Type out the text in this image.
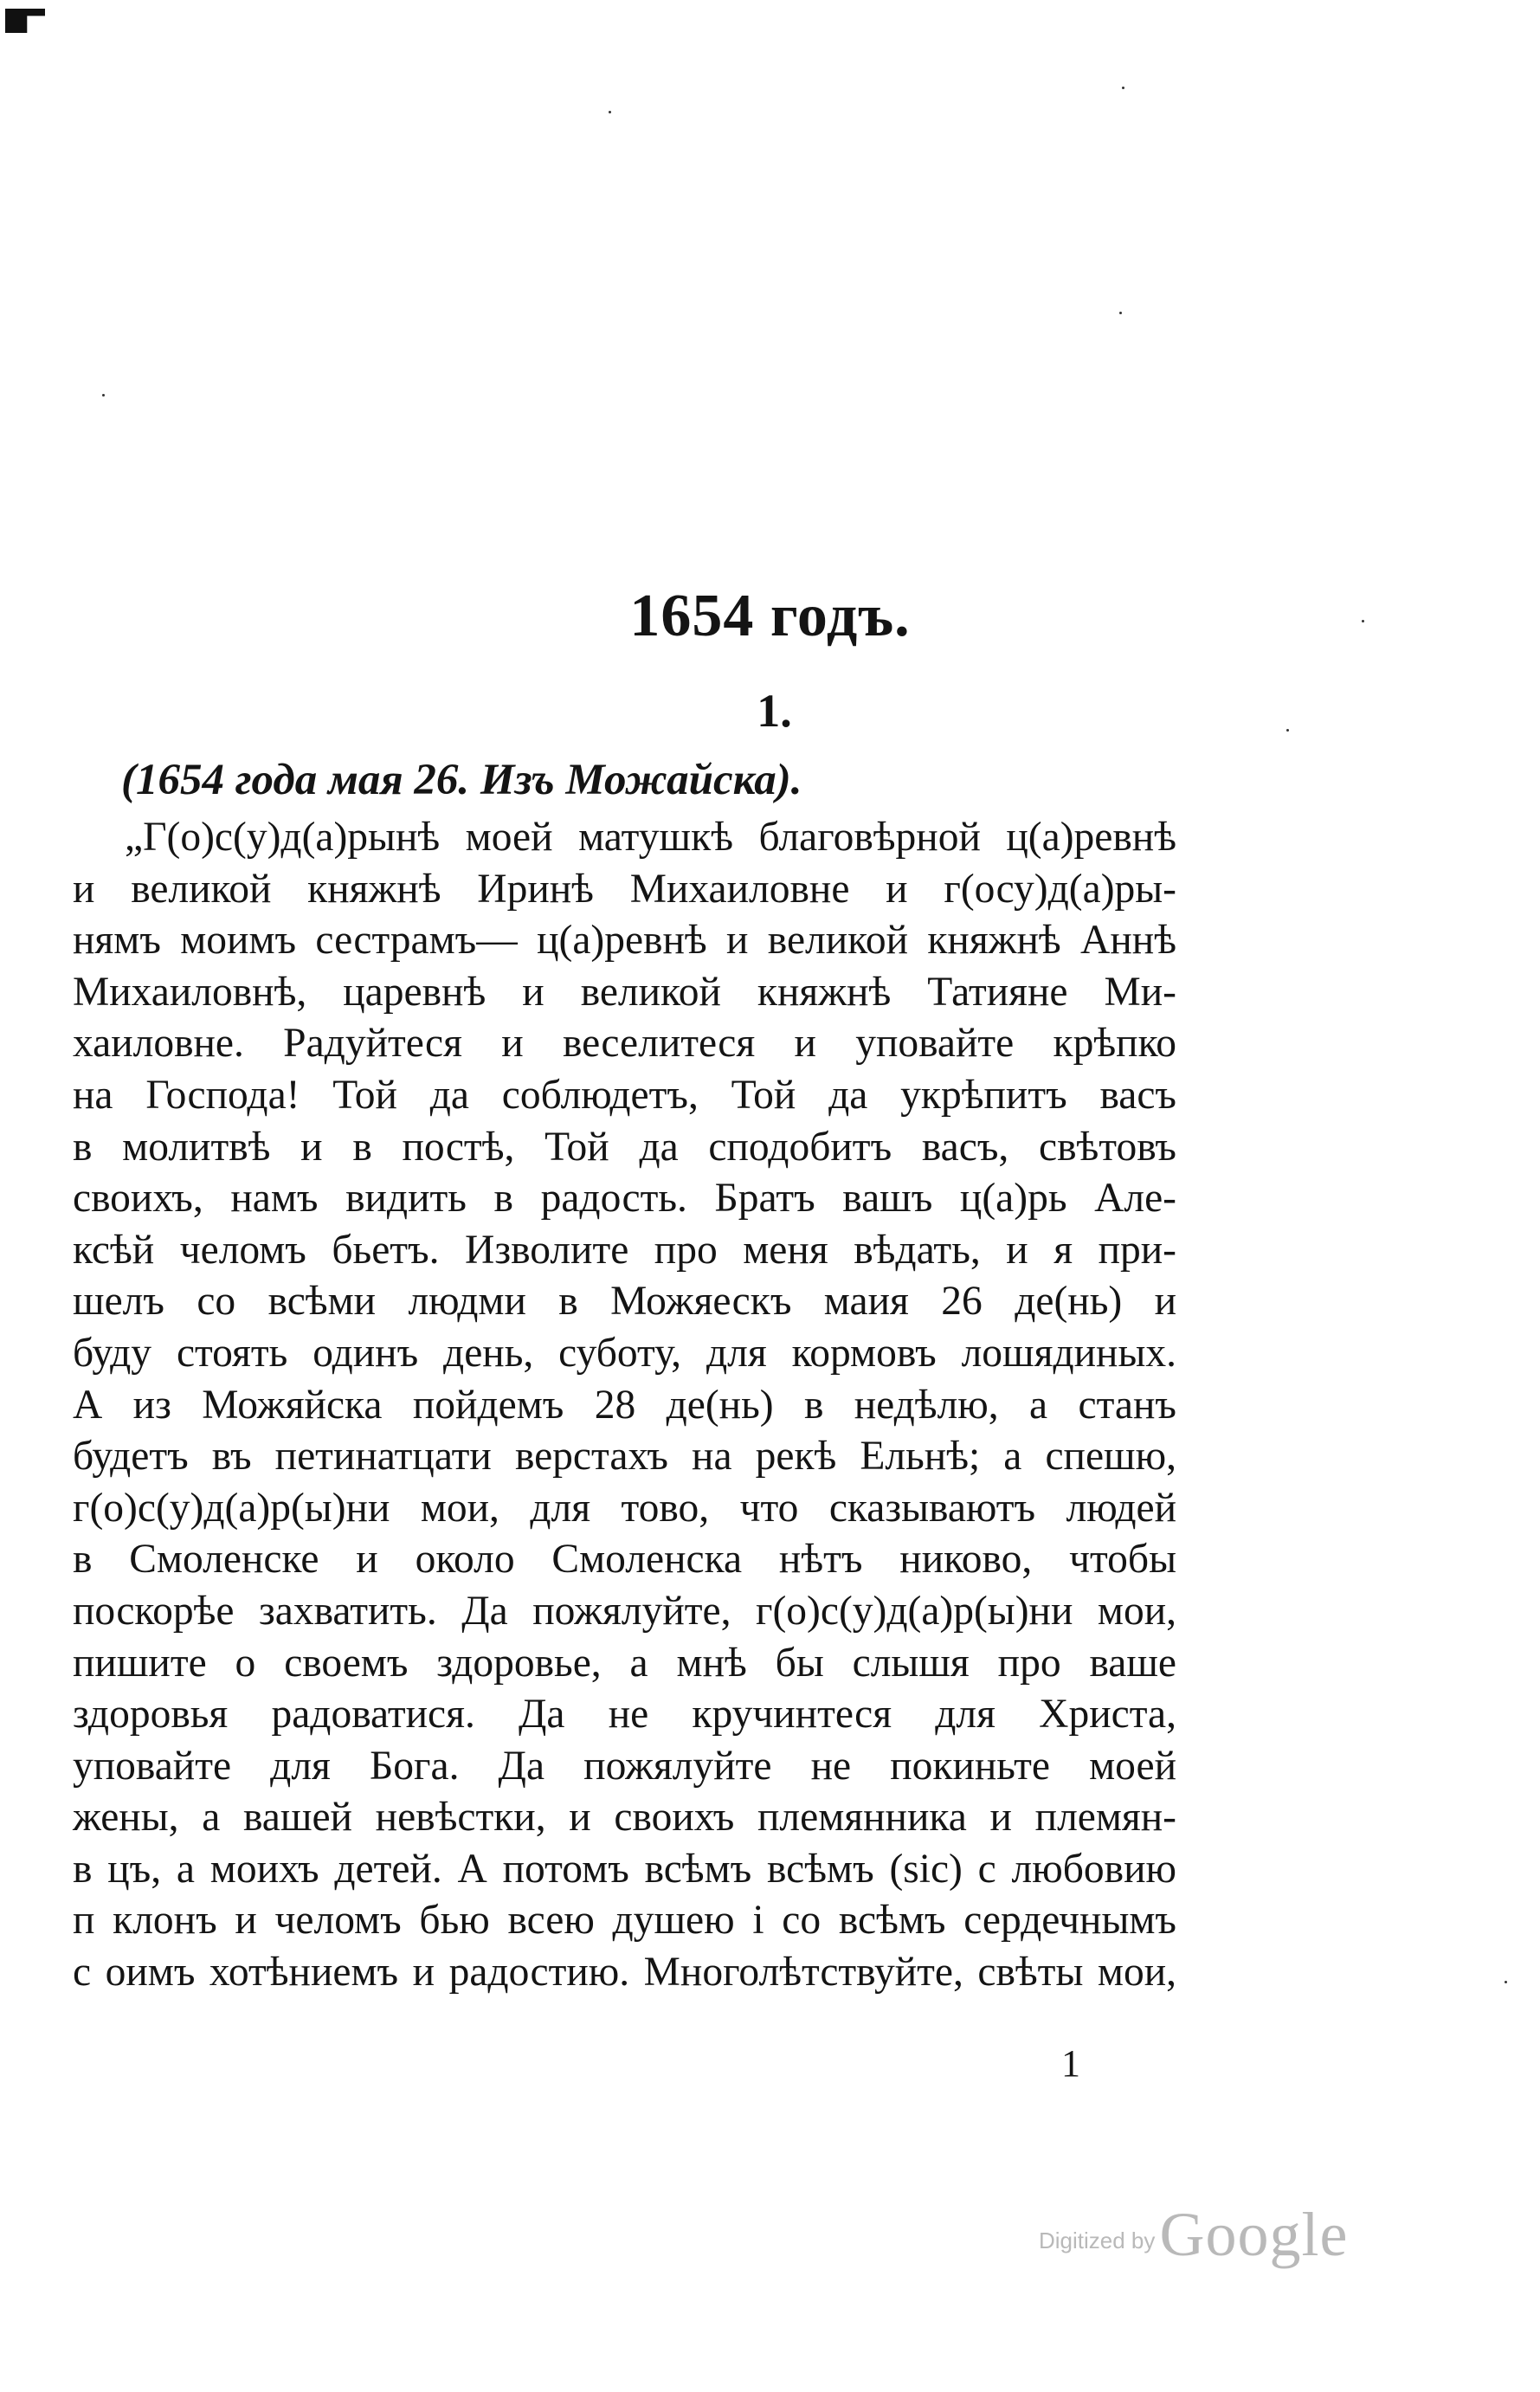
1654 годъ.
1.
(1654 года мая 26. Изъ Можайска).
„Г(о)с(у)д(а)рынѣ моей матушкѣ благовѣрной ц(а)ревнѣ
и великой княжнѣ Иринѣ Михаиловне и г(осу)д(а)ры-
нямъ моимъ сестрамъ— ц(а)ревнѣ и великой княжнѣ Аннѣ
Михаиловнѣ, царевнѣ и великой княжнѣ Татияне Ми-
хаиловне. Радуйтеся и веселитеся и уповайте крѣпко
на Господа! Той да соблюдетъ, Той да укрѣпитъ васъ
в молитвѣ и в постѣ, Той да сподобитъ васъ, свѣтовъ
своихъ, намъ видить в радость. Братъ вашъ ц(а)рь Але-
ксѣй челомъ бьетъ. Изволите про меня вѣдать, и я при-
шелъ со всѣми людми в Можяескъ маия 26 де(нь) и
буду стоять одинъ день, суботу, для кормовъ лошядиных.
А из Можяйска пойдемъ 28 де(нь) в недѣлю, а станъ
будетъ въ петинатцати верстахъ на рекѣ Ельнѣ; а спешю,
г(о)с(у)д(а)р(ы)ни мои, для тово, что сказываютъ людей
в Смоленске и около Смоленска нѣтъ никово, чтобы
поскорѣе захватить. Да пожялуйте, г(о)с(у)д(а)р(ы)ни мои,
пишите о своемъ здоровье, а мнѣ бы слышя про ваше
здоровья радоватися. Да не кручинтеся для Христа,
уповайте для Бога. Да пожялуйте не покиньте моей
жены, а вашей невѣстки, и своихъ племянника и племян-
в цъ, а моихъ детей. А потомъ всѣмъ всѣмъ (sic) с любовию
п клонъ и челомъ бью всею душею і со всѣмъ сердечнымъ
с оимъ хотѣниемъ и радостию. Многолѣтствуйте, свѣты мои,
1
Digitized by Google
